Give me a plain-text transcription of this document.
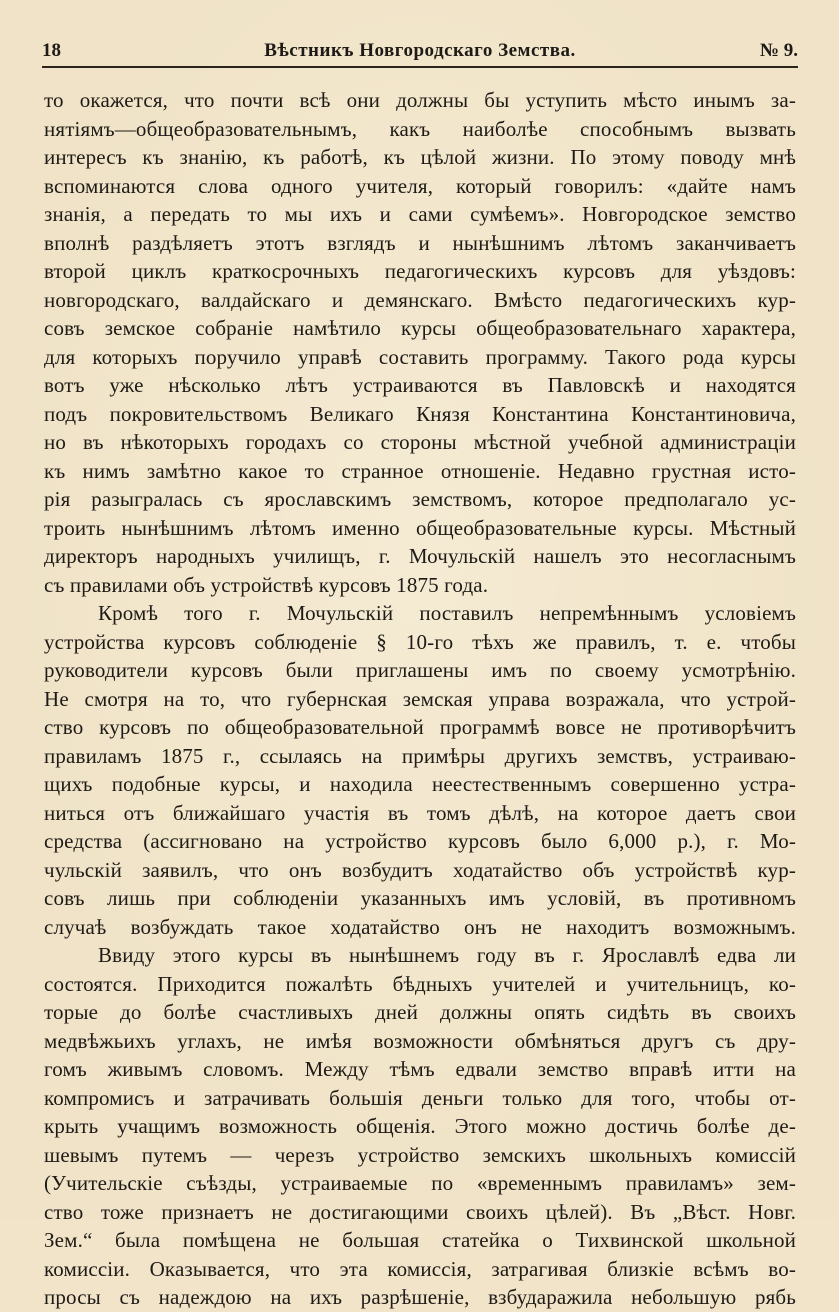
18	Вѣстникъ Новгородскаго Земства.	№ 9.
то окажется, что почти всѣ они должны бы уступить мѣсто инымъ за-
нятіямъ—общеобразовательнымъ, какъ наиболѣе способнымъ вызвать
интересъ къ знанію, къ работѣ, къ цѣлой жизни. По этому поводу мнѣ
вспоминаются слова одного учителя, который говорилъ: «дайте намъ
знанія, а передать то мы ихъ и сами сумѣемъ». Новгородское земство
вполнѣ раздѣляетъ этотъ взглядъ и нынѣшнимъ лѣтомъ заканчиваетъ
второй циклъ краткосрочныхъ педагогическихъ курсовъ для уѣздовъ:
новгородскаго, валдайскаго и демянскаго. Вмѣсто педагогическихъ кур-
совъ земское собраніе намѣтило курсы общеобразовательнаго характера,
для которыхъ поручило управѣ составить программу. Такого рода курсы
вотъ уже нѣсколько лѣтъ устраиваются въ Павловскѣ и находятся
подъ покровительствомъ Великаго Князя Константина Константиновича,
но въ нѣкоторыхъ городахъ со стороны мѣстной учебной администраціи
къ нимъ замѣтно какое то странное отношеніе. Недавно грустная исто-
рія разыгралась съ ярославскимъ земствомъ, которое предполагало ус-
троить нынѣшнимъ лѣтомъ именно общеобразовательные курсы. Мѣстный
директоръ народныхъ училищъ, г. Мочульскій нашелъ это несогласнымъ
съ правилами объ устройствѣ курсовъ 1875 года.
Кромѣ того г. Мочульскій поставилъ непремѣннымъ условіемъ
устройства курсовъ соблюденіе § 10-го тѣхъ же правилъ, т. е. чтобы
руководители курсовъ были приглашены имъ по своему усмотрѣнію.
Не смотря на то, что губернская земская управа возражала, что устрой-
ство курсовъ по общеобразовательной программѣ вовсе не противорѣчитъ
правиламъ 1875 г., ссылаясь на примѣры другихъ земствъ, устраиваю-
щихъ подобные курсы, и находила неестественнымъ совершенно устра-
ниться отъ ближайшаго участія въ томъ дѣлѣ, на которое даетъ свои
средства (ассигновано на устройство курсовъ было 6,000 р.), г. Мо-
чульскій заявилъ, что онъ возбудитъ ходатайство объ устройствѣ кур-
совъ лишь при соблюденіи указанныхъ имъ условій, въ противномъ
случаѣ возбуждать такое ходатайство онъ не находитъ возможнымъ.
Ввиду этого курсы въ нынѣшнемъ году въ г. Ярославлѣ едва ли
состоятся. Приходится пожалѣть бѣдныхъ учителей и учительницъ, ко-
торые до болѣе счастливыхъ дней должны опять сидѣть въ своихъ
медвѣжьихъ углахъ, не имѣя возможности обмѣняться другъ съ дру-
гомъ живымъ словомъ. Между тѣмъ едвали земство вправѣ итти на
компромисъ и затрачивать большія деньги только для того, чтобы от-
крыть учащимъ возможность общенія. Этого можно достичь болѣе де-
шевымъ путемъ — черезъ устройство земскихъ школьныхъ комиссій
(Учительскіе съѣзды, устраиваемые по «временнымъ правиламъ» зем-
ство тоже признаетъ не достигающими своихъ цѣлей). Въ „Вѣст. Новг.
Зем.“ была помѣщена не большая статейка о Тихвинской школьной
комиссіи. Оказывается, что эта комиссія, затрагивая близкіе всѣмъ во-
просы съ надеждою на ихъ разрѣшеніе, взбударажила небольшую рябь
